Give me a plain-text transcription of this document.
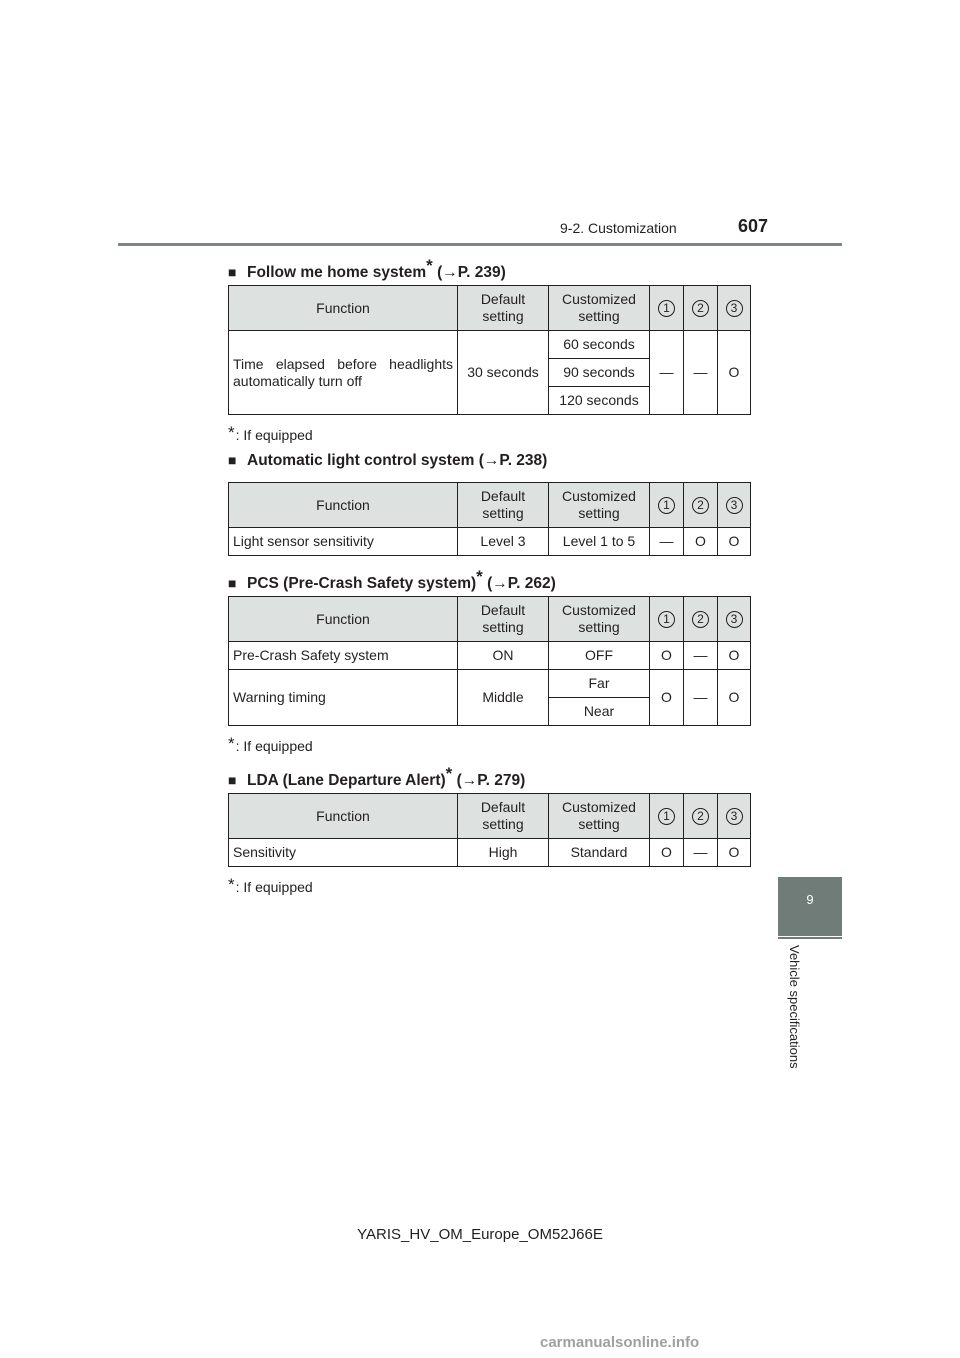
9-2. Customization	607
9
Vehicle specifications
■ Follow me home system* (→P. 239)
Function	Default setting	Customized setting	1	2	3
Time elapsed before headlights automatically turn off	30 seconds	60 seconds	—	—	O
		90 seconds			
		120 seconds			
*: If equipped
■ Automatic light control system (→P. 238)
Function	Default setting	Customized setting	1	2	3
Light sensor sensitivity	Level 3	Level 1 to 5	—	O	O
■ PCS (Pre-Crash Safety system)* (→P. 262)
Function	Default setting	Customized setting	1	2	3
Pre-Crash Safety system	ON	OFF	O	—	O
Warning timing	Middle	Far	O	—	O
		Near			
*: If equipped
■ LDA (Lane Departure Alert)* (→P. 279)
Function	Default setting	Customized setting	1	2	3
Sensitivity	High	Standard	O	—	O
*: If equipped
YARIS_HV_OM_Europe_OM52J66E
carmanualsonline.info
